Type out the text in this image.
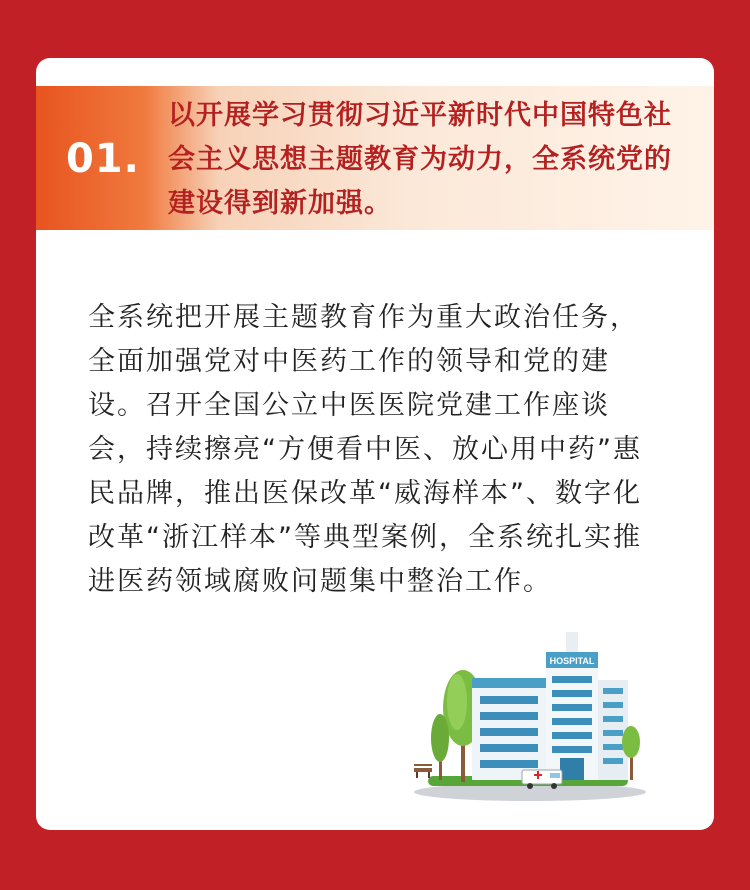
01.
以开展学习贯彻习近平新时代中国特色社会主义思想主题教育为动力，全系统党的建设得到新加强。
全系统把开展主题教育作为重大政治任务，全面加强党对中医药工作的领导和党的建设。召开全国公立中医医院党建工作座谈会，持续擦亮“方便看中医、放心用中药”惠民品牌，推出医保改革“威海样本”、数字化改革“浙江样本”等典型案例，全系统扎实推进医药领域腐败问题集中整治工作。
HOSPITAL
